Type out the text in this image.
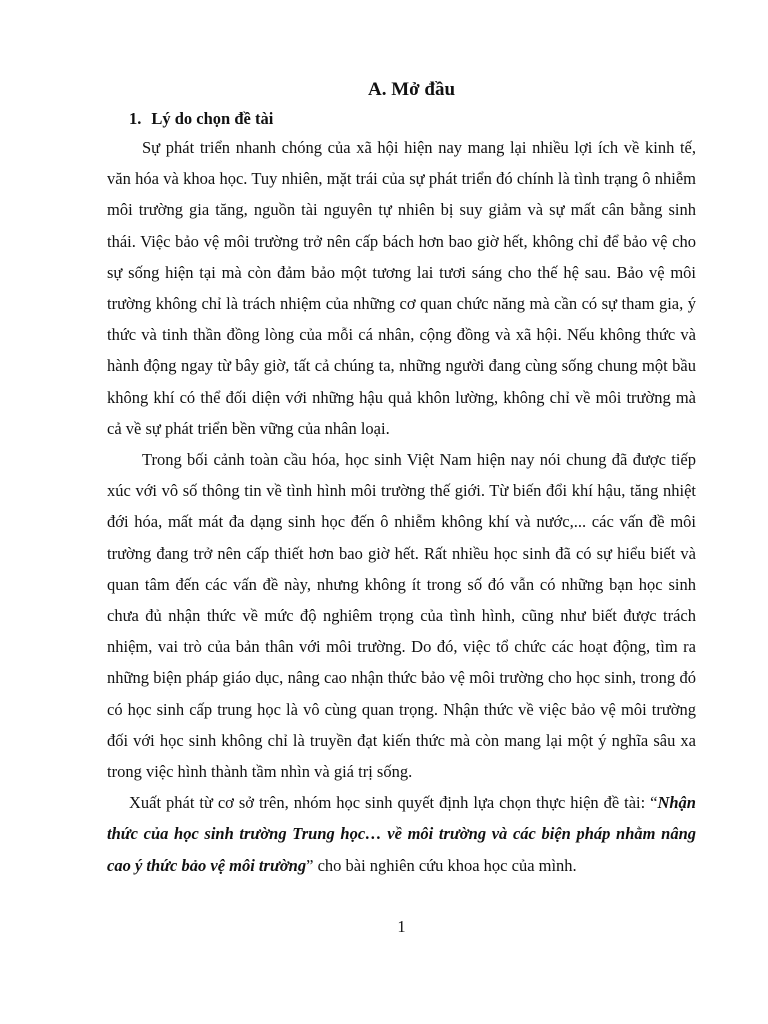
A. Mở đầu
1. Lý do chọn đề tài

Sự phát triển nhanh chóng của xã hội hiện nay mang lại nhiều lợi ích về kinh tế, văn hóa và khoa học. Tuy nhiên, mặt trái của sự phát triển đó chính là tình trạng ô nhiễm môi trường gia tăng, nguồn tài nguyên tự nhiên bị suy giảm và sự mất cân bằng sinh thái. Việc bảo vệ môi trường trở nên cấp bách hơn bao giờ hết, không chỉ để bảo vệ cho sự sống hiện tại mà còn đảm bảo một tương lai tươi sáng cho thế hệ sau. Bảo vệ môi trường không chỉ là trách nhiệm của những cơ quan chức năng mà cần có sự tham gia, ý thức và tinh thần đồng lòng của mỗi cá nhân, cộng đồng và xã hội. Nếu không thức và hành động ngay từ bây giờ, tất cả chúng ta, những người đang cùng sống chung một bầu không khí có thể đối diện với những hậu quả khôn lường, không chỉ về môi trường mà cả về sự phát triển bền vững của nhân loại.

Trong bối cảnh toàn cầu hóa, học sinh Việt Nam hiện nay nói chung đã được tiếp xúc với vô số thông tin về tình hình môi trường thế giới. Từ biến đổi khí hậu, tăng nhiệt đới hóa, mất mát đa dạng sinh học đến ô nhiễm không khí và nước,... các vấn đề môi trường đang trở nên cấp thiết hơn bao giờ hết. Rất nhiều học sinh đã có sự hiểu biết và quan tâm đến các vấn đề này, nhưng không ít trong số đó vẫn có những bạn học sinh chưa đủ nhận thức về mức độ nghiêm trọng của tình hình, cũng như biết được trách nhiệm, vai trò của bản thân với môi trường. Do đó, việc tổ chức các hoạt động, tìm ra những biện pháp giáo dục, nâng cao nhận thức bảo vệ môi trường cho học sinh, trong đó có học sinh cấp trung học là vô cùng quan trọng. Nhận thức về việc bảo vệ môi trường đối với học sinh không chỉ là truyền đạt kiến thức mà còn mang lại một ý nghĩa sâu xa trong việc hình thành tầm nhìn và giá trị sống.

Xuất phát từ cơ sở trên, nhóm học sinh quyết định lựa chọn thực hiện đề tài: “Nhận thức của học sinh trường Trung học… về môi trường và các biện pháp nhằm nâng cao ý thức bảo vệ môi trường” cho bài nghiên cứu khoa học của mình.

1
